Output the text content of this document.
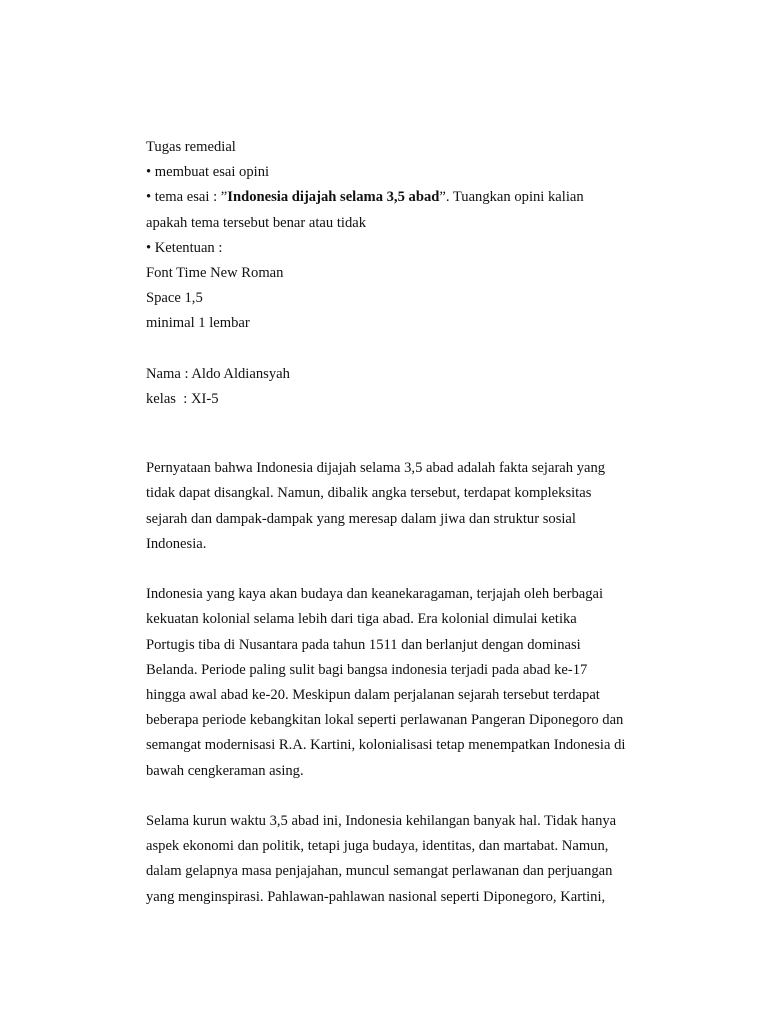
Tugas remedial

• membuat esai opini

• tema esai : ”Indonesia dijajah selama 3,5 abad”. Tuangkan opini kalian

apakah tema tersebut benar atau tidak

• Ketentuan :

Font Time New Roman

Space 1,5

minimal 1 lembar

Nama : Aldo Aldiansyah

kelas  : XI-5

Pernyataan bahwa Indonesia dijajah selama 3,5 abad adalah fakta sejarah yang
tidak dapat disangkal. Namun, dibalik angka tersebut, terdapat kompleksitas
sejarah dan dampak-dampak yang meresap dalam jiwa dan struktur sosial
Indonesia.
Indonesia yang kaya akan budaya dan keanekaragaman, terjajah oleh berbagai
kekuatan kolonial selama lebih dari tiga abad. Era kolonial dimulai ketika
Portugis tiba di Nusantara pada tahun 1511 dan berlanjut dengan dominasi
Belanda. Periode paling sulit bagi bangsa indonesia terjadi pada abad ke-17
hingga awal abad ke-20. Meskipun dalam perjalanan sejarah tersebut terdapat
beberapa periode kebangkitan lokal seperti perlawanan Pangeran Diponegoro dan
semangat modernisasi R.A. Kartini, kolonialisasi tetap menempatkan Indonesia di
bawah cengkeraman asing.
Selama kurun waktu 3,5 abad ini, Indonesia kehilangan banyak hal. Tidak hanya
aspek ekonomi dan politik, tetapi juga budaya, identitas, dan martabat. Namun,
dalam gelapnya masa penjajahan, muncul semangat perlawanan dan perjuangan
yang menginspirasi. Pahlawan-pahlawan nasional seperti Diponegoro, Kartini,
